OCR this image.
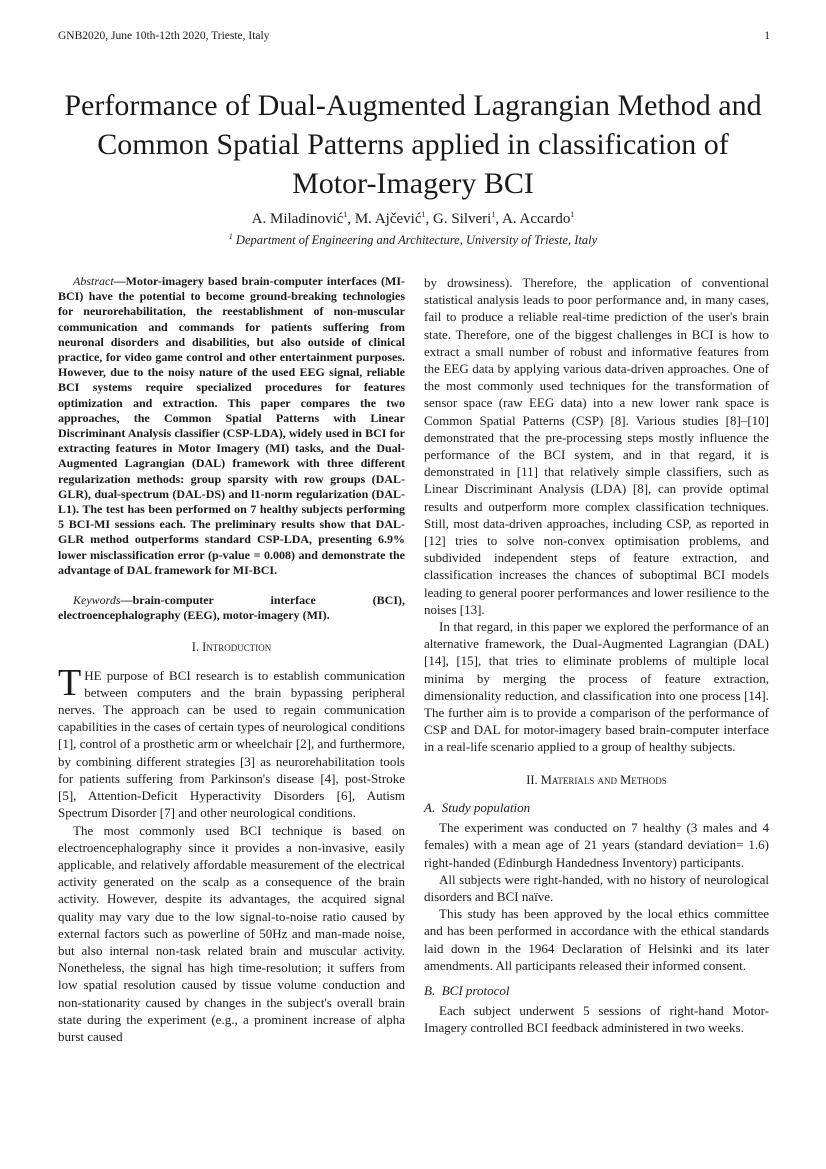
GNB2020, June 10th-12th 2020, Trieste, Italy	1
Performance of Dual-Augmented Lagrangian Method and Common Spatial Patterns applied in classification of Motor-Imagery BCI
A. Miladinović$^1$, M. Ajčević$^1$, G. Silveri$^1$, A. Accardo$^1$
$^1$ Department of Engineering and Architecture, University of Trieste, Italy

Abstract—Motor-imagery based brain-computer interfaces (MI-BCI) have the potential to become ground-breaking technologies for neurorehabilitation, the reestablishment of non-muscular communication and commands for patients suffering from neuronal disorders and disabilities, but also outside of clinical practice, for video game control and other entertainment purposes. However, due to the noisy nature of the used EEG signal, reliable BCI systems require specialized procedures for features optimization and extraction. This paper compares the two approaches, the Common Spatial Patterns with Linear Discriminant Analysis classifier (CSP-LDA), widely used in BCI for extracting features in Motor Imagery (MI) tasks, and the Dual-Augmented Lagrangian (DAL) framework with three different regularization methods: group sparsity with row groups (DAL-GLR), dual-spectrum (DAL-DS) and l1-norm regularization (DAL-L1). The test has been performed on 7 healthy subjects performing 5 BCI-MI sessions each. The preliminary results show that DAL-GLR method outperforms standard CSP-LDA, presenting 6.9% lower misclassification error (p-value = 0.008) and demonstrate the advantage of DAL framework for MI-BCI.

Keywords—brain-computer interface (BCI), electroencephalography (EEG), motor-imagery (MI).

I. Introduction

THE purpose of BCI research is to establish communication between computers and the brain bypassing peripheral nerves. The approach can be used to regain communication capabilities in the cases of certain types of neurological conditions [1], control of a prosthetic arm or wheelchair [2], and furthermore, by combining different strategies [3] as neurorehabilitation tools for patients suffering from Parkinson's disease [4], post-Stroke [5], Attention-Deficit Hyperactivity Disorders [6], Autism Spectrum Disorder [7] and other neurological conditions.

The most commonly used BCI technique is based on electroencephalography since it provides a non-invasive, easily applicable, and relatively affordable measurement of the electrical activity generated on the scalp as a consequence of the brain activity. However, despite its advantages, the acquired signal quality may vary due to the low signal-to-noise ratio caused by external factors such as powerline of 50Hz and man-made noise, but also internal non-task related brain and muscular activity. Nonetheless, the signal has high time-resolution; it suffers from low spatial resolution caused by tissue volume conduction and non-stationarity caused by changes in the subject's overall brain state during the experiment (e.g., a prominent increase of alpha burst caused

by drowsiness). Therefore, the application of conventional statistical analysis leads to poor performance and, in many cases, fail to produce a reliable real-time prediction of the user's brain state. Therefore, one of the biggest challenges in BCI is how to extract a small number of robust and informative features from the EEG data by applying various data-driven approaches. One of the most commonly used techniques for the transformation of sensor space (raw EEG data) into a new lower rank space is Common Spatial Patterns (CSP) [8]. Various studies [8]–[10] demonstrated that the pre-processing steps mostly influence the performance of the BCI system, and in that regard, it is demonstrated in [11] that relatively simple classifiers, such as Linear Discriminant Analysis (LDA) [8], can provide optimal results and outperform more complex classification techniques. Still, most data-driven approaches, including CSP, as reported in [12] tries to solve non-convex optimisation problems, and subdivided independent steps of feature extraction, and classification increases the chances of suboptimal BCI models leading to general poorer performances and lower resilience to the noises [13].

In that regard, in this paper we explored the performance of an alternative framework, the Dual-Augmented Lagrangian (DAL) [14], [15], that tries to eliminate problems of multiple local minima by merging the process of feature extraction, dimensionality reduction, and classification into one process [14]. The further aim is to provide a comparison of the performance of CSP and DAL for motor-imagery based brain-computer interface in a real-life scenario applied to a group of healthy subjects.

II. Materials and Methods
A. Study population

The experiment was conducted on 7 healthy (3 males and 4 females) with a mean age of 21 years (standard deviation= 1.6) right-handed (Edinburgh Handedness Inventory) participants.

All subjects were right-handed, with no history of neurological disorders and BCI naïve.

This study has been approved by the local ethics committee and has been performed in accordance with the ethical standards laid down in the 1964 Declaration of Helsinki and its later amendments. All participants released their informed consent.

B. BCI protocol

Each subject underwent 5 sessions of right-hand Motor-Imagery controlled BCI feedback administered in two weeks.
